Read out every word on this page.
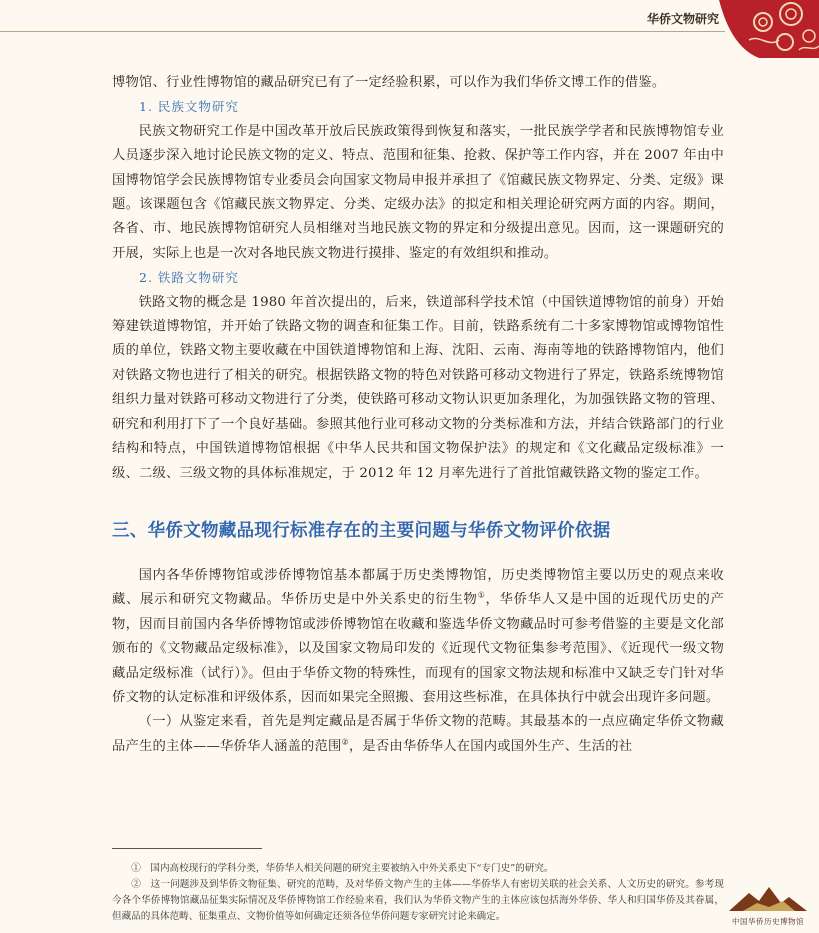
华侨文物研究

博物馆、行业性博物馆的藏品研究已有了一定经验积累，可以作为我们华侨文博工作的借鉴。

1. 民族文物研究

民族文物研究工作是中国改革开放后民族政策得到恢复和落实，一批民族学学者和民族博物馆专业人员逐步深入地讨论民族文物的定义、特点、范围和征集、抢救、保护等工作内容，并在 2007 年由中国博物馆学会民族博物馆专业委员会向国家文物局申报并承担了《馆藏民族文物界定、分类、定级》课题。该课题包含《馆藏民族文物界定、分类、定级办法》的拟定和相关理论研究两方面的内容。期间，各省、市、地民族博物馆研究人员相继对当地民族文物的界定和分级提出意见。因而，这一课题研究的开展，实际上也是一次对各地民族文物进行摸排、鉴定的有效组织和推动。

2. 铁路文物研究

铁路文物的概念是 1980 年首次提出的，后来，铁道部科学技术馆（中国铁道博物馆的前身）开始筹建铁道博物馆，并开始了铁路文物的调查和征集工作。目前，铁路系统有二十多家博物馆或博物馆性质的单位，铁路文物主要收藏在中国铁道博物馆和上海、沈阳、云南、海南等地的铁路博物馆内，他们对铁路文物也进行了相关的研究。根据铁路文物的特色对铁路可移动文物进行了界定，铁路系统博物馆组织力量对铁路可移动文物进行了分类，使铁路可移动文物认识更加条理化，为加强铁路文物的管理、研究和利用打下了一个良好基础。参照其他行业可移动文物的分类标准和方法，并结合铁路部门的行业结构和特点，中国铁道博物馆根据《中华人民共和国文物保护法》的规定和《文化藏品定级标准》一级、二级、三级文物的具体标准规定，于 2012 年 12 月率先进行了首批馆藏铁路文物的鉴定工作。

三、华侨文物藏品现行标准存在的主要问题与华侨文物评价依据

国内各华侨博物馆或涉侨博物馆基本都属于历史类博物馆，历史类博物馆主要以历史的观点来收藏、展示和研究文物藏品。华侨历史是中外关系史的衍生物①，华侨华人又是中国的近现代历史的产物，因而目前国内各华侨博物馆或涉侨博物馆在收藏和鉴选华侨文物藏品时可参考借鉴的主要是文化部颁布的《文物藏品定级标准》，以及国家文物局印发的《近现代文物征集参考范围》、《近现代一级文物藏品定级标准（试行）》。但由于华侨文物的特殊性，而现有的国家文物法规和标准中又缺乏专门针对华侨文物的认定标准和评级体系，因而如果完全照搬、套用这些标准，在具体执行中就会出现许多问题。

（一）从鉴定来看，首先是判定藏品是否属于华侨文物的范畴。其最基本的一点应确定华侨文物藏品产生的主体——华侨华人涵盖的范围②，是否由华侨华人在国内或国外生产、生活的社

①　国内高校现行的学科分类，华侨华人相关问题的研究主要被纳入中外关系史下“专门史”的研究。

②　这一问题涉及到华侨文物征集、研究的范畴，及对华侨文物产生的主体——华侨华人有密切关联的社会关系、人文历史的研究。参考现今各个华侨博物馆藏品征集实际情况及华侨博物馆工作经验来看，我们认为华侨文物产生的主体应该包括海外华侨、华人和归国华侨及其眷属，但藏品的具体范畴、征集重点、文物价值等如何确定还须各位华侨问题专家研究讨论来确定。	中国华侨历史博物馆
